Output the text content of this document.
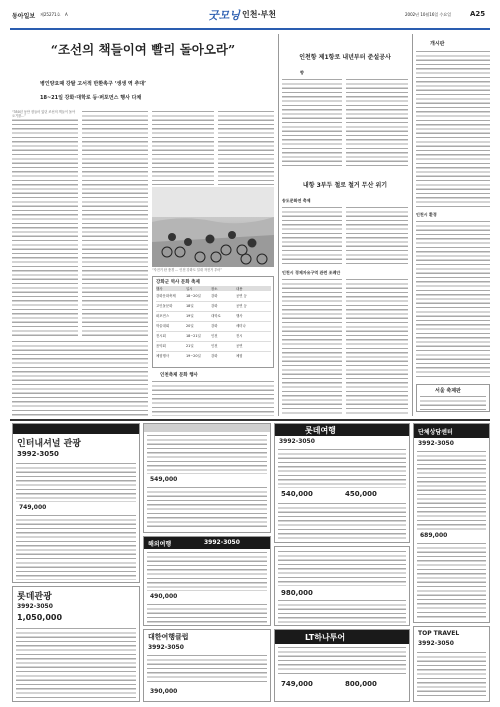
동아일보 제25271호 A	굿모닝 인천·부천	2002년 10월16일 수요일	A25
“조선의 책들이여 빨리 돌아오라”
병인양요때 강탈 고서적 반환촉구 ‘생생 역 추대’
18~21일 강화·대학로 등·퍼포먼스 행사 다채
“350년 동안 잠들어 있던 조선의 책들이 돌아오기를…”
“자전거 탄 풍경 … 인천 강화도 일대 자전거 투어”
강화군 역사 문화 축제
행사	일시	장소	내용
강화문화축제	18~20일	강화	공연 등
고인돌문화	18일	강화	공연 등
퍼포먼스	19일	대학로	행사
학술대회	20일	강화	세미나
전시회	18~21일	인천	전시
음악회	21일	인천	공연
체험행사	19~20일	강화	체험
인천축제 문화 행사
인천항 제1항로 내년부터 준설공사
향
내항 3부두 철로 철거 무산 위기
송도문화연 축제
인천시 경제자유구역 관련 조례안
개시판
인천시 환경
서울 축제판
인터내셔널 관광
3992-3050
749,000
롯데관광
3992-3050
1,050,000
549,000
해외여행	3992-3050
490,000
대한여행클럽
3992-3050
390,000
롯데여행
3992-3050
540,000	450,000
980,000
LT하나투어
749,000	800,000
단체상담센터
3992-3050
689,000
TOP TRAVEL
3992-3050
